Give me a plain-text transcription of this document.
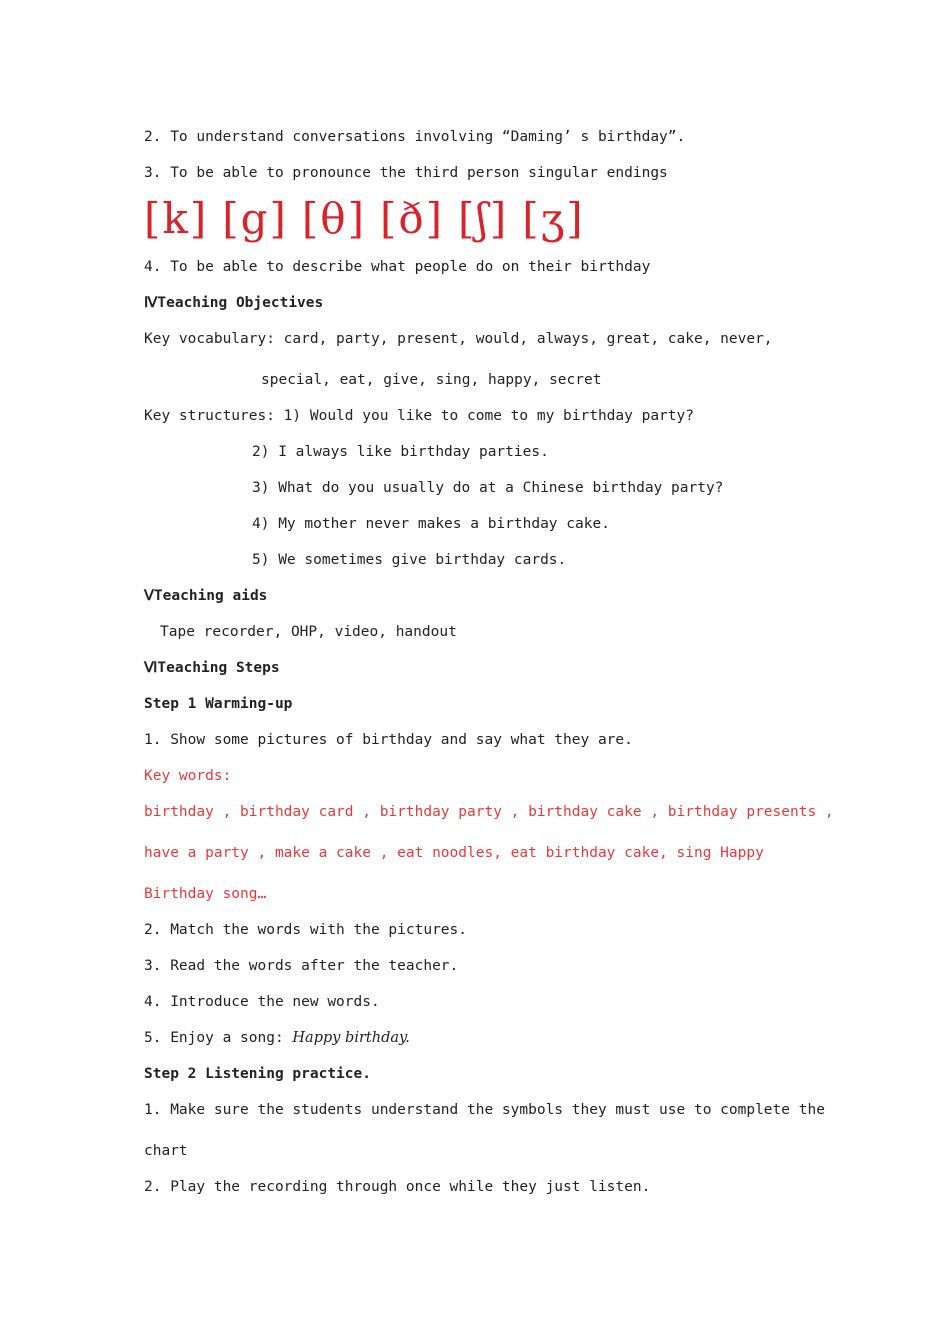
2. To understand conversations involving “Daming’ s birthday”.
3. To be able to pronounce the third person singular endings
[k] [g] [θ] [ð] [ʃ] [ʒ]
4. To be able to describe what people do on their birthday
ⅣTeaching Objectives
Key vocabulary: card, party, present, would, always, great, cake, never,
special, eat, give, sing, happy, secret
Key structures: 1) Would you like to come to my birthday party?
2) I always like birthday parties.
3) What do you usually do at a Chinese birthday party?
4) My mother never makes a birthday cake.
5) We sometimes give birthday cards.
ⅤTeaching aids
Tape recorder, OHP, video, handout
ⅥTeaching Steps
Step 1 Warming-up
1. Show some pictures of birthday and say what they are.
Key words:
birthday , birthday card , birthday party , birthday cake , birthday presents ,
have a party , make a cake , eat noodles, eat birthday cake, sing Happy
Birthday song…
2. Match the words with the pictures.
3. Read the words after the teacher.
4. Introduce the new words.
5. Enjoy a song: Happy birthday.
Step 2 Listening practice.
1. Make sure the students understand the symbols they must use to complete the
chart
2. Play the recording through once while they just listen.
